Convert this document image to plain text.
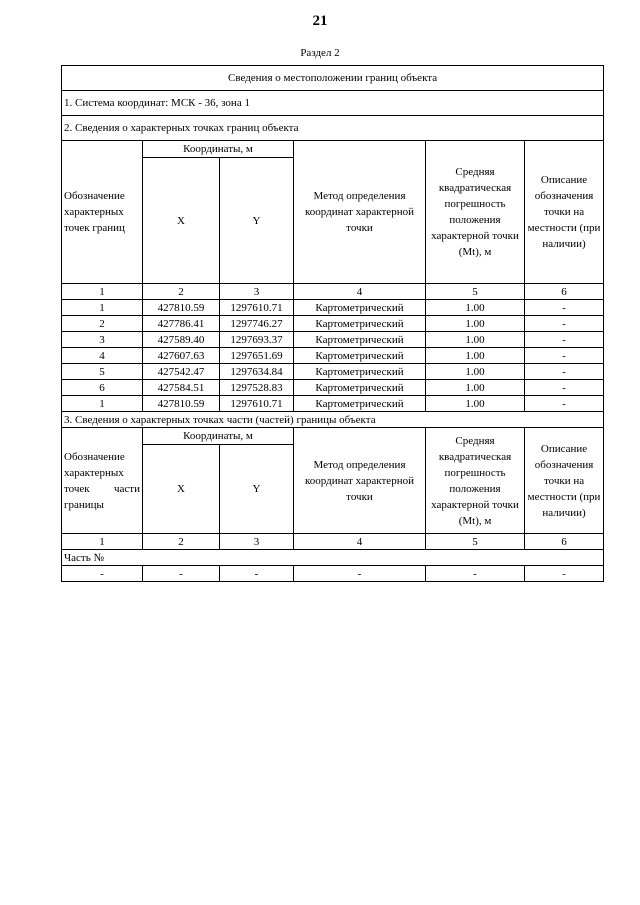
21
Раздел 2
Сведения о местоположении границ объекта					
1. Система координат: МСК - 36, зона 1					
2. Сведения о характерных точках границ объекта					
Обозначение характерных точек границ	Координаты, м		Метод определения координат характерной точки	Средняя квадратическая погрешность положения характерной точки (Mt), м	Описание обозначения точки на местности (при наличии)
	X	Y			
1	2	3	4	5	6
1	427810.59	1297610.71	Картометрический	1.00	-
2	427786.41	1297746.27	Картометрический	1.00	-
3	427589.40	1297693.37	Картометрический	1.00	-
4	427607.63	1297651.69	Картометрический	1.00	-
5	427542.47	1297634.84	Картометрический	1.00	-
6	427584.51	1297528.83	Картометрический	1.00	-
1	427810.59	1297610.71	Картометрический	1.00	-
3. Сведения о характерных точках части (частей) границы объекта					
Обозначение характерных точек части границы	Координаты, м		Метод определения координат характерной точки	Средняя квадратическая погрешность положения характерной точки (Mt), м	Описание обозначения точки на местности (при наличии)
	X	Y			
1	2	3	4	5	6
Часть №					
-	-	-	-	-	-
